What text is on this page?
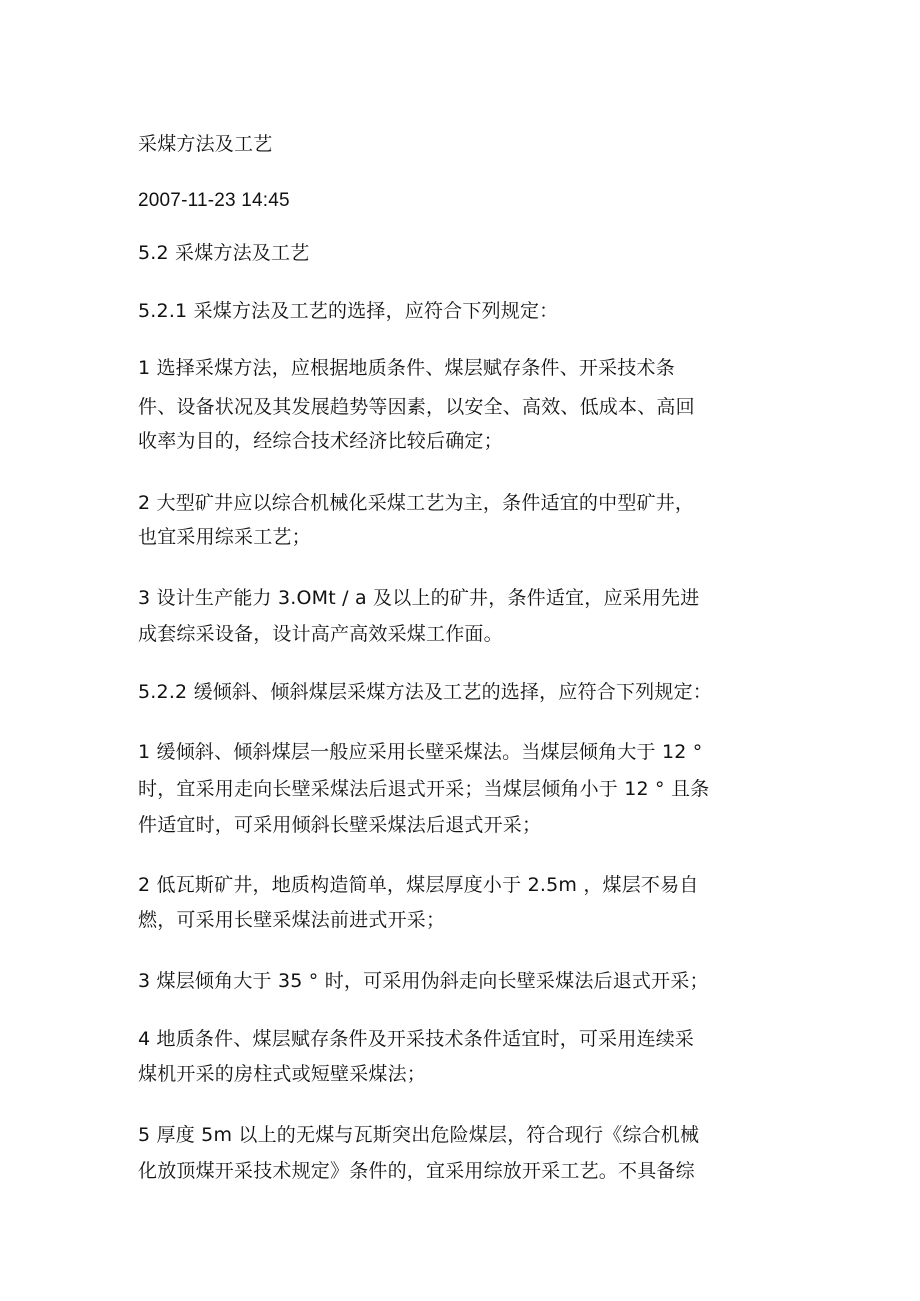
采煤方法及工艺
2007-11-23 14:45
5.2 采煤方法及工艺
5.2.1 采煤方法及工艺的选择，应符合下列规定：
1 选择采煤方法，应根据地质条件、煤层赋存条件、开采技术条
件、设备状况及其发展趋势等因素，以安全、高效、低成本、高回
收率为目的，经综合技术经济比较后确定；
2 大型矿井应以综合机械化采煤工艺为主，条件适宜的中型矿井，
也宜采用综采工艺；
3 设计生产能力 3.OMt / a 及以上的矿井，条件适宜，应采用先进
成套综采设备，设计高产高效采煤工作面。
5.2.2 缓倾斜、倾斜煤层采煤方法及工艺的选择，应符合下列规定：
1 缓倾斜、倾斜煤层一般应采用长壁采煤法。当煤层倾角大于 12 °
时，宜采用走向长壁采煤法后退式开采；当煤层倾角小于 12 ° 且条
件适宜时，可采用倾斜长壁采煤法后退式开采；
2 低瓦斯矿井，地质构造简单，煤层厚度小于 2.5m ，煤层不易自
燃，可采用长壁采煤法前进式开采；
3 煤层倾角大于 35 ° 时，可采用伪斜走向长壁采煤法后退式开采；
4 地质条件、煤层赋存条件及开采技术条件适宜时，可采用连续采
煤机开采的房柱式或短壁采煤法；
5 厚度 5m 以上的无煤与瓦斯突出危险煤层，符合现行《综合机械
化放顶煤开采技术规定》条件的，宜采用综放开采工艺。不具备综
